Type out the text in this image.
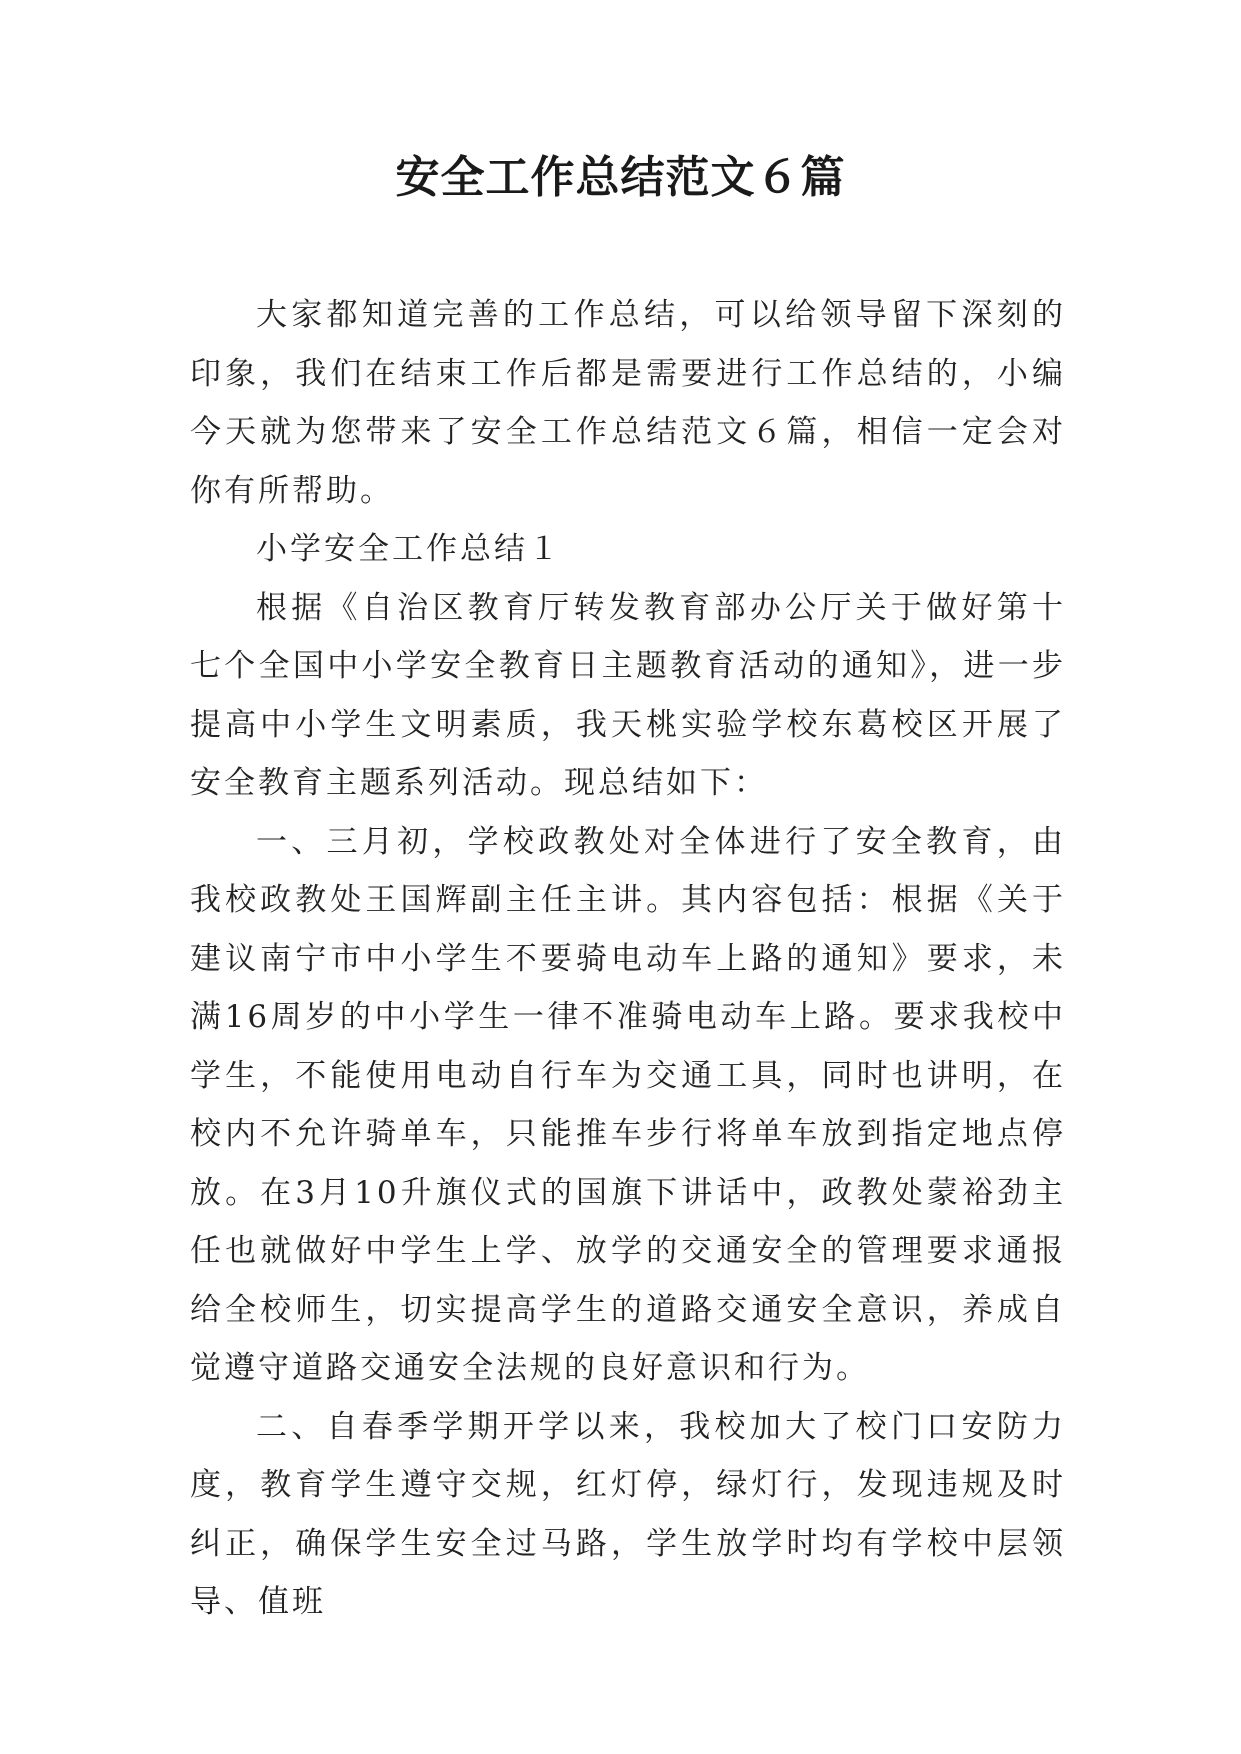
安全工作总结范文６篇

大家都知道完善的工作总结，可以给领导留下深刻的印象，我们在结束工作后都是需要进行工作总结的，小编今天就为您带来了安全工作总结范文６篇，相信一定会对你有所帮助。

小学安全工作总结１

根据《自治区教育厅转发教育部办公厅关于做好第十七个全国中小学安全教育日主题教育活动的通知》，进一步提高中小学生文明素质，我天桃实验学校东葛校区开展了安全教育主题系列活动。现总结如下：

一、三月初，学校政教处对全体进行了安全教育，由我校政教处王国辉副主任主讲。其内容包括：根据《关于建议南宁市中小学生不要骑电动车上路的通知》要求，未满16周岁的中小学生一律不准骑电动车上路。要求我校中学生，不能使用电动自行车为交通工具，同时也讲明，在校内不允许骑单车，只能推车步行将单车放到指定地点停放。在3月10升旗仪式的国旗下讲话中，政教处蒙裕劲主任也就做好中学生上学、放学的交通安全的管理要求通报给全校师生，切实提高学生的道路交通安全意识，养成自觉遵守道路交通安全法规的良好意识和行为。

二、自春季学期开学以来，我校加大了校门口安防力度，教育学生遵守交规，红灯停，绿灯行，发现违规及时纠正，确保学生安全过马路，学生放学时均有学校中层领导、值班
